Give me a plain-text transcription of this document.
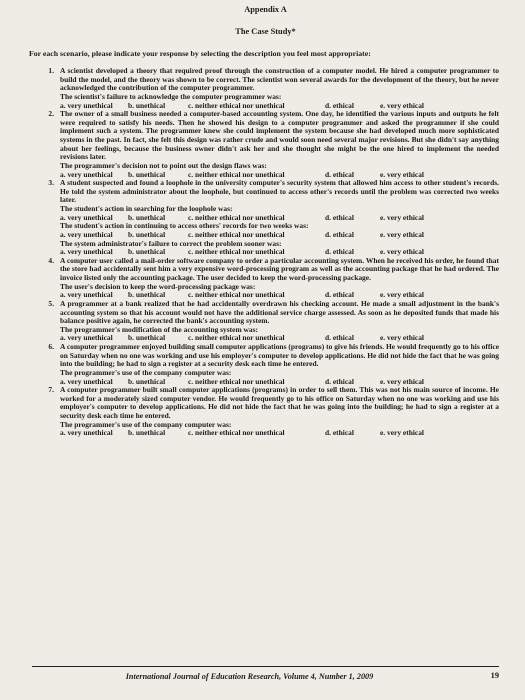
Appendix A
The Case Study*
For each scenario, please indicate your response by selecting the description you feel most appropriate:
1. A scientist developed a theory that required proof through the construction of a computer model. He hired a computer programmer to build the model, and the theory was shown to be correct. The scientist won several awards for the development of the theory, but he never acknowledged the contribution of the computer programmer.
The scientist's failure to acknowledge the computer programmer was:
a. very unethical	b. unethical	c. neither ethical nor unethical	d. ethical	e. very ethical
2. The owner of a small business needed a computer-based accounting system. One day, he identified the various inputs and outputs he felt were required to satisfy his needs. Then he showed his design to a computer programmer and asked the programmer if she could implement such a system. The programmer knew she could implement the system because she had developed much more sophisticated systems in the past. In fact, she felt this design was rather crude and would soon need several major revisions. But she didn't say anything about her feelings, because the business owner didn't ask her and she thought she might be the one hired to implement the needed revisions later.
The programmer's decision not to point out the design flaws was:
a. very unethical	b. unethical	c. neither ethical nor unethical	d. ethical	e. very ethical
3. A student suspected and found a loophole in the university computer's security system that allowed him access to other student's records. He told the system administrator about the loophole, but continued to access other's records until the problem was corrected two weeks later.
The student's action in searching for the loophole was:
a. very unethical	b. unethical	c. neither ethical nor unethical	d. ethical	e. very ethical
The student's action in continuing to access others' records for two weeks was:
a. very unethical	b. unethical	c. neither ethical nor unethical	d. ethical	e. very ethical
The system administrator's failure to correct the problem sooner was:
a. very unethical	b. unethical	c. neither ethical nor unethical	d. ethical	e. very ethical
4. A computer user called a mail-order software company to order a particular accounting system. When he received his order, he found that the store had accidentally sent him a very expensive word-processing program as well as the accounting package that he had ordered. The invoice listed only the accounting package. The user decided to keep the word-processing package.
The user's decision to keep the word-processing package was:
a. very unethical	b. unethical	c. neither ethical nor unethical	d. ethical	e. very ethical
5. A programmer at a bank realized that he had accidentally overdrawn his checking account. He made a small adjustment in the bank's accounting system so that his account would not have the additional service charge assessed. As soon as he deposited funds that made his balance positive again, he corrected the bank's accounting system.
The programmer's modification of the accounting system was:
a. very unethical	b. unethical	c. neither ethical nor unethical	d. ethical	e. very ethical
6. A computer programmer enjoyed building small computer applications (programs) to give his friends. He would frequently go to his office on Saturday when no one was working and use his employer's computer to develop applications. He did not hide the fact that he was going into the building; he had to sign a register at a security desk each time he entered.
The programmer's use of the company computer was:
a. very unethical	b. unethical	c. neither ethical nor unethical	d. ethical	e. very ethical
7. A computer programmer built small computer applications (programs) in order to sell them. This was not his main source of income. He worked for a moderately sized computer vendor. He would frequently go to his office on Saturday when no one was working and use his employer's computer to develop applications. He did not hide the fact that he was going into the building; he had to sign a register at a security desk each time he entered.
The programmer's use of the company computer was:
a. very unethical	b. unethical	c. neither ethical nor unethical	d. ethical	e. very ethical
International Journal of Education Research, Volume 4, Number 1, 2009	19
